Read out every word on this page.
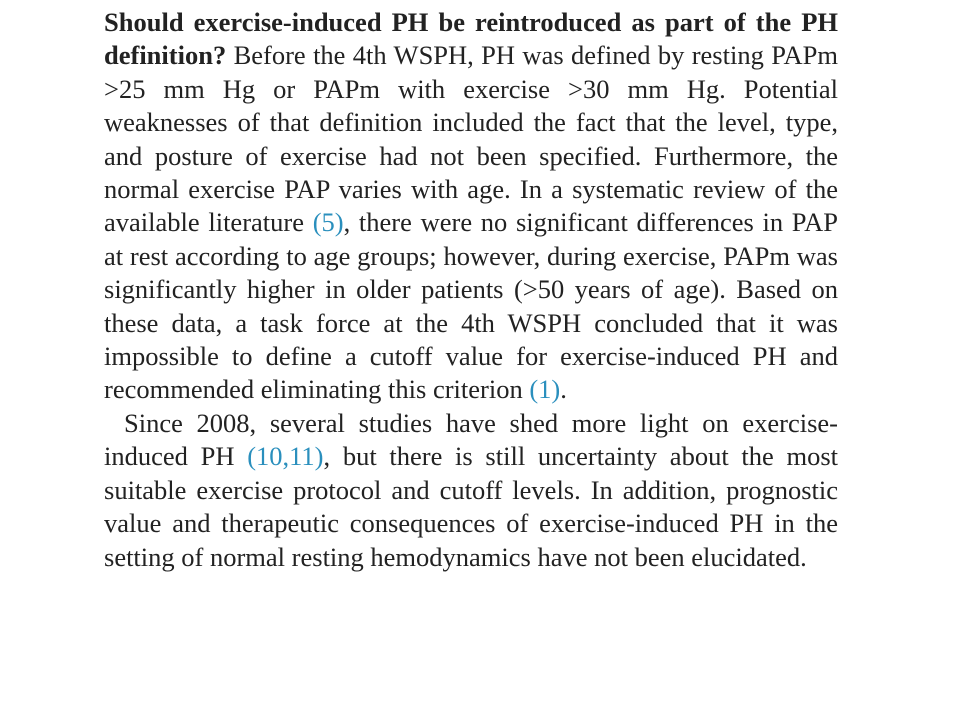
Should exercise-induced PH be reintroduced as part of the PH definition? Before the 4th WSPH, PH was defined by resting PAPm >25 mm Hg or PAPm with exercise >30 mm Hg. Potential weaknesses of that definition included the fact that the level, type, and posture of exercise had not been specified. Furthermore, the normal exercise PAP varies with age. In a systematic review of the available literature (5), there were no significant differences in PAP at rest according to age groups; however, during exercise, PAPm was significantly higher in older patients (>50 years of age). Based on these data, a task force at the 4th WSPH concluded that it was impossible to define a cutoff value for exercise-induced PH and recommended eliminating this criterion (1).

Since 2008, several studies have shed more light on exercise-induced PH (10,11), but there is still uncertainty about the most suitable exercise protocol and cutoff levels. In addition, prognostic value and therapeutic consequences of exercise-induced PH in the setting of normal resting hemodynamics have not been elucidated.
